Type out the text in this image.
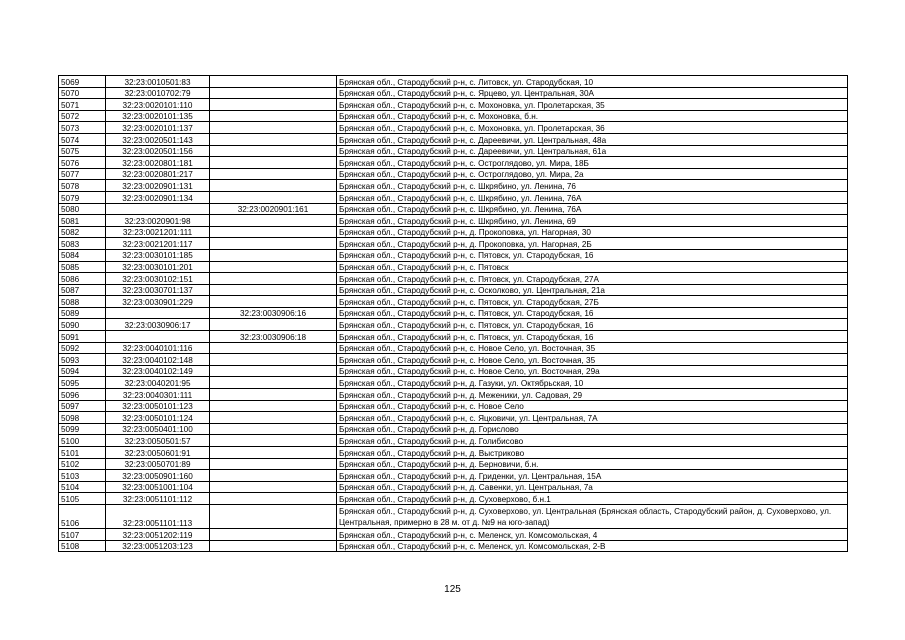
5069	32:23:0010501:83		Брянская обл., Стародубский р-н, с. Литовск, ул. Стародубская, 10
5070	32:23:0010702:79		Брянская обл., Стародубский р-н, с. Ярцево, ул. Центральная, 30А
5071	32:23:0020101:110		Брянская обл., Стародубский р-н, с. Мохоновка, ул. Пролетарская, 35
5072	32:23:0020101:135		Брянская обл., Стародубский р-н, с. Мохоновка, б.н.
5073	32:23:0020101:137		Брянская обл., Стародубский р-н, с. Мохоновка, ул. Пролетарская, 36
5074	32:23:0020501:143		Брянская обл., Стародубский р-н, с. Дареевичи, ул. Центральная, 48а
5075	32:23:0020501:156		Брянская обл., Стародубский р-н, с. Дареевичи, ул. Центральная, 61а
5076	32:23:0020801:181		Брянская обл., Стародубский р-н, с. Остроглядово, ул. Мира, 18Б
5077	32:23:0020801:217		Брянская обл., Стародубский р-н, с. Остроглядово, ул. Мира, 2а
5078	32:23:0020901:131		Брянская обл., Стародубский р-н, с. Шкрябино, ул. Ленина, 76
5079	32:23:0020901:134		Брянская обл., Стародубский р-н, с. Шкрябино, ул. Ленина, 76А
5080		32:23:0020901:161	Брянская обл., Стародубский р-н, с. Шкрябино, ул. Ленина, 76А
5081	32:23:0020901:98		Брянская обл., Стародубский р-н, с. Шкрябино, ул. Ленина, 69
5082	32:23:0021201:111		Брянская обл., Стародубский р-н, д. Прокоповка, ул. Нагорная, 30
5083	32:23:0021201:117		Брянская обл., Стародубский р-н, д. Прокоповка, ул. Нагорная, 2Б
5084	32:23:0030101:185		Брянская обл., Стародубский р-н, с. Пятовск, ул. Стародубская, 16
5085	32:23:0030101:201		Брянская обл., Стародубский р-н, с. Пятовск
5086	32:23:0030102:151		Брянская обл., Стародубский р-н, с. Пятовск, ул. Стародубская, 27А
5087	32:23:0030701:137		Брянская обл., Стародубский р-н, с. Осколково, ул. Центральная, 21а
5088	32:23:0030901:229		Брянская обл., Стародубский р-н, с. Пятовск, ул. Стародубская, 27Б
5089		32:23:0030906:16	Брянская обл., Стародубский р-н, с. Пятовск, ул. Стародубская, 16
5090	32:23:0030906:17		Брянская обл., Стародубский р-н, с. Пятовск, ул. Стародубская, 16
5091		32:23:0030906:18	Брянская обл., Стародубский р-н, с. Пятовск, ул. Стародубская, 16
5092	32:23:0040101:116		Брянская обл., Стародубский р-н, с. Новое Село, ул. Восточная, 35
5093	32:23:0040102:148		Брянская обл., Стародубский р-н, с. Новое Село, ул. Восточная, 35
5094	32:23:0040102:149		Брянская обл., Стародубский р-н, с. Новое Село, ул. Восточная, 29а
5095	32:23:0040201:95		Брянская обл., Стародубский р-н, д. Газуки, ул. Октябрьская, 10
5096	32:23:0040301:111		Брянская обл., Стародубский р-н, д. Меженики, ул. Садовая, 29
5097	32:23:0050101:123		Брянская обл., Стародубский р-н, с. Новое Село
5098	32:23:0050101:124		Брянская обл., Стародубский р-н, с. Яцковичи, ул. Центральная, 7А
5099	32:23:0050401:100		Брянская обл., Стародубский р-н, д. Горислово
5100	32:23:0050501:57		Брянская обл., Стародубский р-н, д. Голибисово
5101	32:23:0050601:91		Брянская обл., Стародубский р-н, д. Выстриково
5102	32:23:0050701:89		Брянская обл., Стародубский р-н, д. Берновичи, б.н.
5103	32:23:0050901:160		Брянская обл., Стародубский р-н, д. Гриденки, ул. Центральная, 15А
5104	32:23:0051001:104		Брянская обл., Стародубский р-н, д. Савенки, ул. Центральная, 7а
5105	32:23:0051101:112		Брянская обл., Стародубский р-н, д. Суховерхово, б.н.1
5106	32:23:0051101:113		Брянская обл., Стародубский р-н, д. Суховерхово, ул. Центральная (Брянская область, Стародубский район, д. Суховерхово, ул. Центральная, примерно в 28 м. от д. №9 на юго-запад)
5107	32:23:0051202:119		Брянская обл., Стародубский р-н, с. Меленск, ул. Комсомольская, 4
5108	32:23:0051203:123		Брянская обл., Стародубский р-н, с. Меленск, ул. Комсомольская, 2-В
125
